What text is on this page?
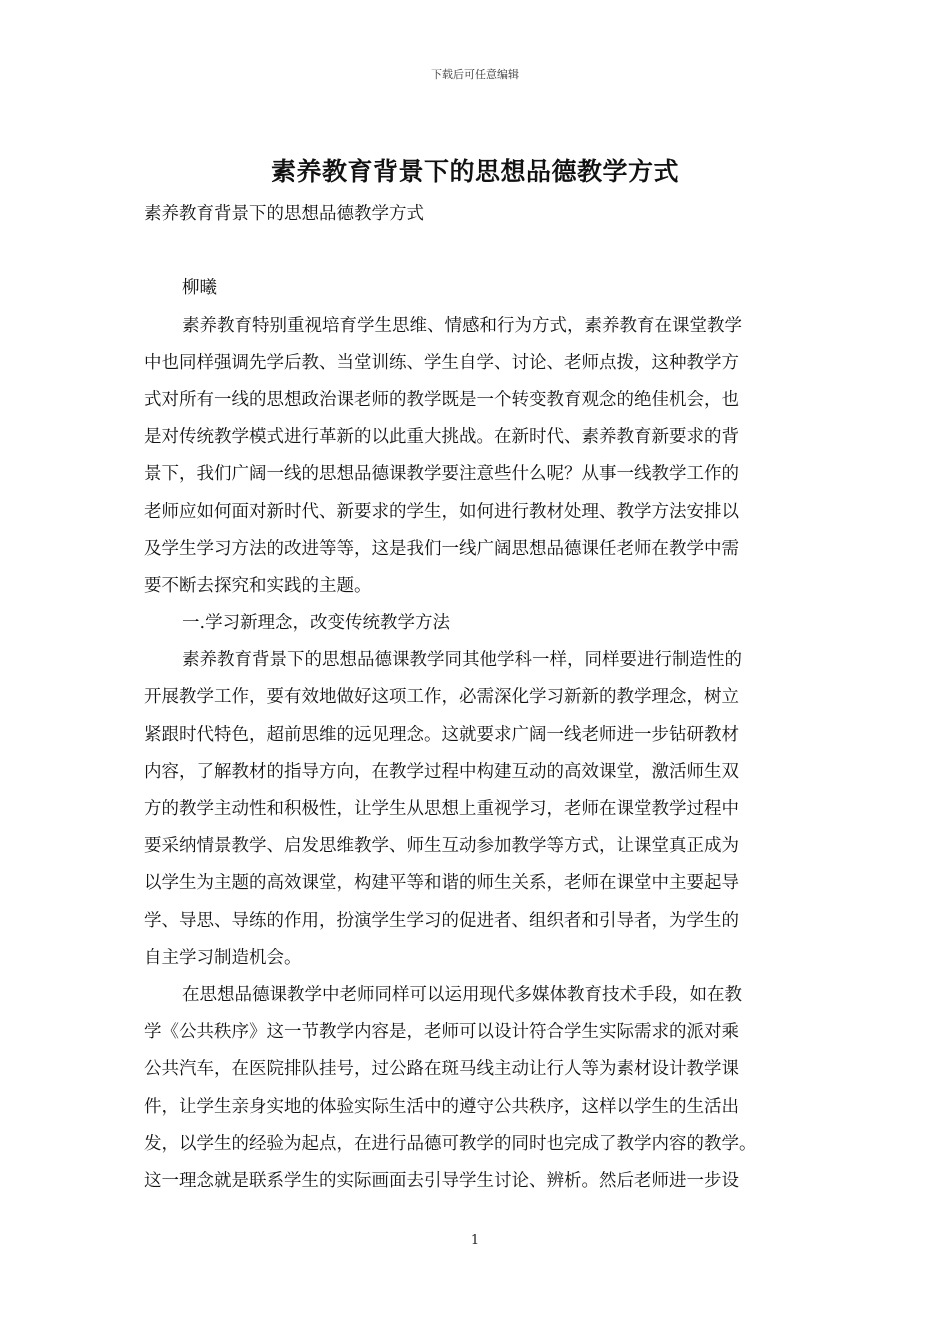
下载后可任意编辑
素养教育背景下的思想品德教学方式
素养教育背景下的思想品德教学方式
柳曦
素养教育特别重视培育学生思维、情感和行为方式，素养教育在课堂教学
中也同样强调先学后教、当堂训练、学生自学、讨论、老师点拨，这种教学方
式对所有一线的思想政治课老师的教学既是一个转变教育观念的绝佳机会，也
是对传统教学模式进行革新的以此重大挑战。在新时代、素养教育新要求的背
景下，我们广阔一线的思想品德课教学要注意些什么呢？从事一线教学工作的
老师应如何面对新时代、新要求的学生，如何进行教材处理、教学方法安排以
及学生学习方法的改进等等，这是我们一线广阔思想品德课任老师在教学中需
要不断去探究和实践的主题。
一.学习新理念，改变传统教学方法
素养教育背景下的思想品德课教学同其他学科一样，同样要进行制造性的
开展教学工作，要有效地做好这项工作，必需深化学习新新的教学理念，树立
紧跟时代特色，超前思维的远见理念。这就要求广阔一线老师进一步钻研教材
内容，了解教材的指导方向，在教学过程中构建互动的高效课堂，激活师生双
方的教学主动性和积极性，让学生从思想上重视学习，老师在课堂教学过程中
要采纳情景教学、启发思维教学、师生互动参加教学等方式，让课堂真正成为
以学生为主题的高效课堂，构建平等和谐的师生关系，老师在课堂中主要起导
学、导思、导练的作用，扮演学生学习的促进者、组织者和引导者，为学生的
自主学习制造机会。
在思想品德课教学中老师同样可以运用现代多媒体教育技术手段，如在教
学《公共秩序》这一节教学内容是，老师可以设计符合学生实际需求的派对乘
公共汽车，在医院排队挂号，过公路在斑马线主动让行人等为素材设计教学课
件，让学生亲身实地的体验实际生活中的遵守公共秩序，这样以学生的生活出
发，以学生的经验为起点，在进行品德可教学的同时也完成了教学内容的教学。
这一理念就是联系学生的实际画面去引导学生讨论、辨析。然后老师进一步设
1
